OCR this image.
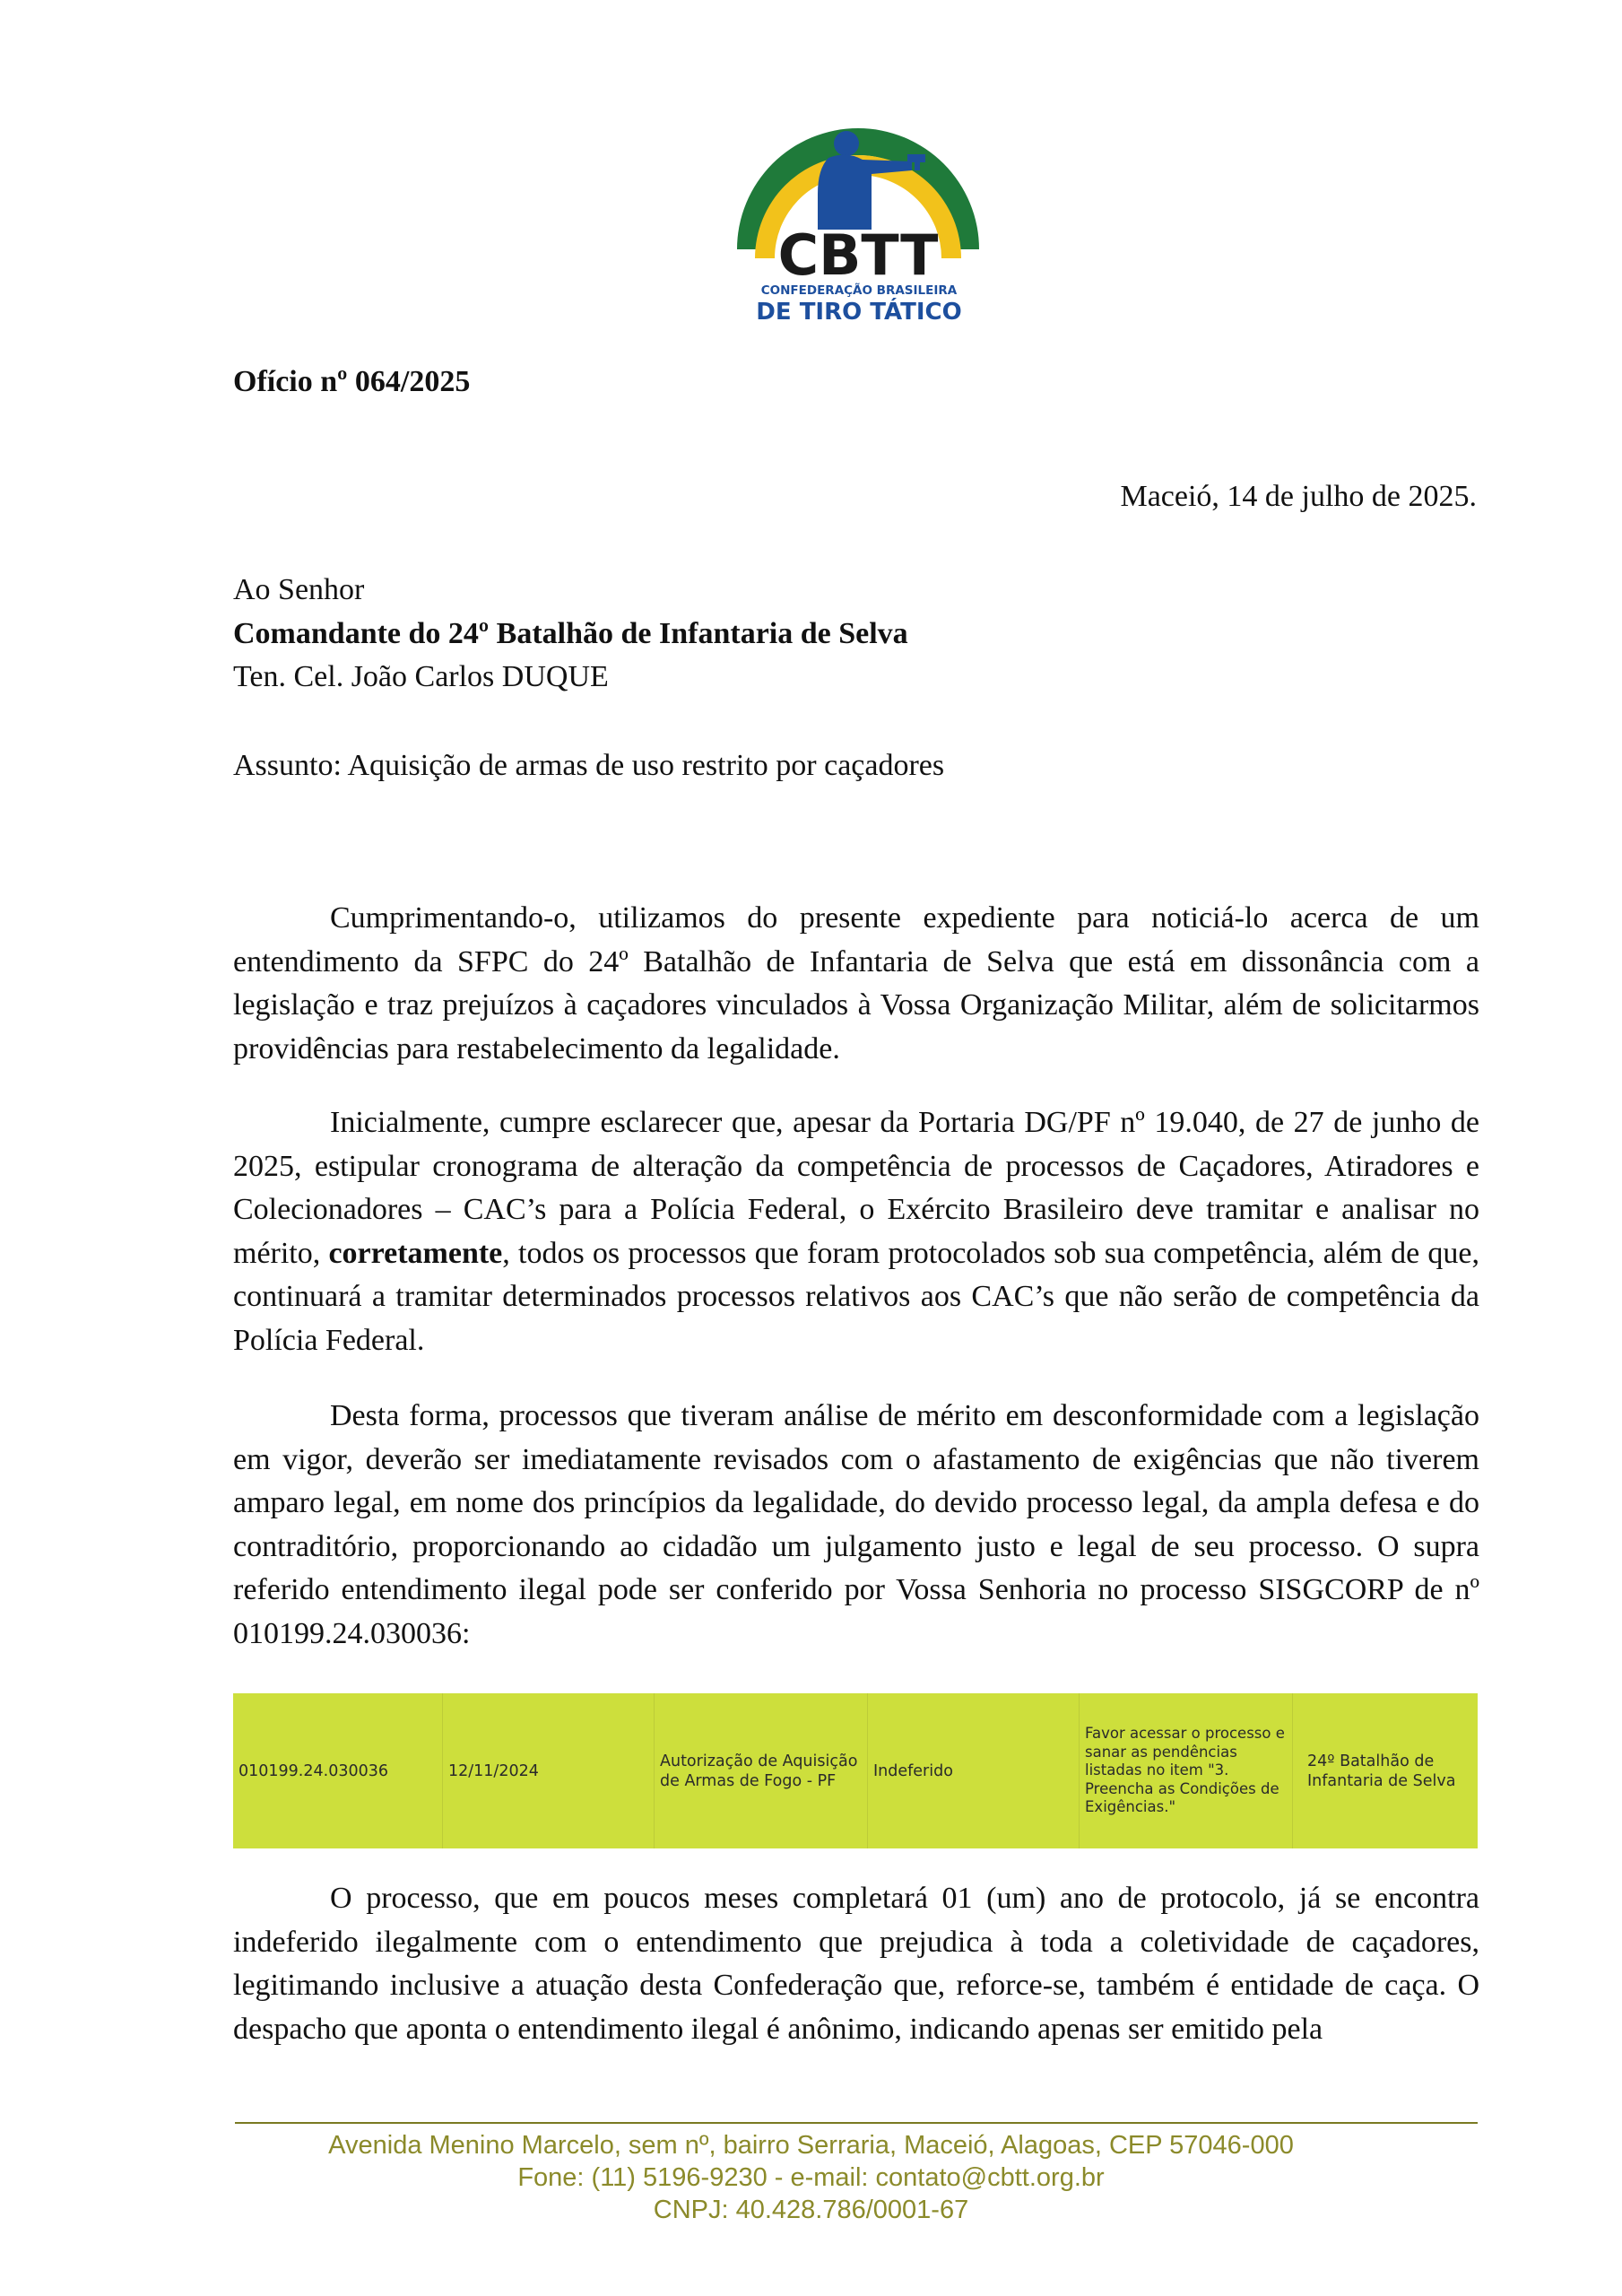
CBTT
CONFEDERAÇÃO BRASILEIRA
DE TIRO TÁTICO
Ofício nº 064/2025
Maceió, 14 de julho de 2025.
Ao Senhor
Comandante do 24º Batalhão de Infantaria de Selva
Ten. Cel. João Carlos DUQUE
Assunto: Aquisição de armas de uso restrito por caçadores

Cumprimentando-o, utilizamos do presente expediente para noticiá-lo acerca de um entendimento da SFPC do 24º Batalhão de Infantaria de Selva que está em dissonância com a legislação e traz prejuízos à caçadores vinculados à Vossa Organização Militar, além de solicitarmos providências para restabelecimento da legalidade.

Inicialmente, cumpre esclarecer que, apesar da Portaria DG/PF nº 19.040, de 27 de junho de 2025, estipular cronograma de alteração da competência de processos de Caçadores, Atiradores e Colecionadores – CAC’s para a Polícia Federal, o Exército Brasileiro deve tramitar e analisar no mérito, corretamente, todos os processos que foram protocolados sob sua competência, além de que, continuará a tramitar determinados processos relativos aos CAC’s que não serão de competência da Polícia Federal.

Desta forma, processos que tiveram análise de mérito em desconformidade com a legislação em vigor, deverão ser imediatamente revisados com o afastamento de exigências que não tiverem amparo legal, em nome dos princípios da legalidade, do devido processo legal, da ampla defesa e do contraditório, proporcionando ao cidadão um julgamento justo e legal de seu processo. O supra referido entendimento ilegal pode ser conferido por Vossa Senhoria no processo SISGCORP de nº 010199.24.030036:

010199.24.030036	12/11/2024
Autorização de Aquisição de Armas de Fogo - PF
Indeferido
Favor acessar o processo e sanar as pendências listadas no item "3. Preencha as Condições de Exigências."
24º Batalhão de Infantaria de Selva

O processo, que em poucos meses completará 01 (um) ano de protocolo, já se encontra indeferido ilegalmente com o entendimento que prejudica à toda a coletividade de caçadores, legitimando inclusive a atuação desta Confederação que, reforce-se, também é entidade de caça. O despacho que aponta o entendimento ilegal é anônimo, indicando apenas ser emitido pela

Avenida Menino Marcelo, sem nº, bairro Serraria, Maceió, Alagoas, CEP 57046-000
Fone: (11) 5196-9230 - e-mail: contato@cbtt.org.br
CNPJ: 40.428.786/0001-67
